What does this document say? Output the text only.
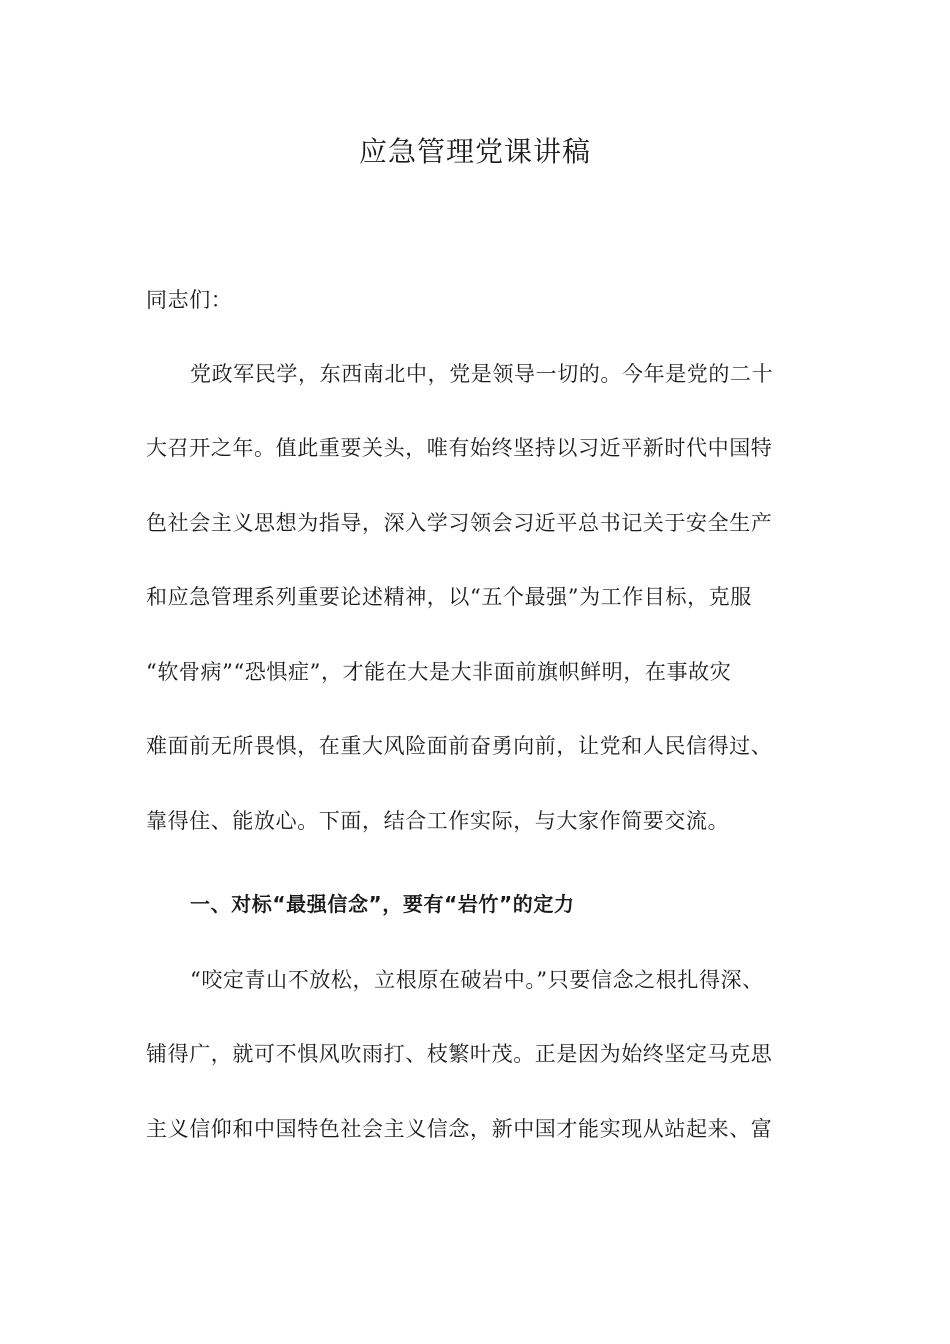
应急管理党课讲稿
同志们：
党政军民学，东西南北中，党是领导一切的。今年是党的二十
大召开之年。值此重要关头，唯有始终坚持以习近平新时代中国特
色社会主义思想为指导，深入学习领会习近平总书记关于安全生产
和应急管理系列重要论述精神，以“五个最强”为工作目标，克服
“软骨病”“恐惧症”，才能在大是大非面前旗帜鲜明，在事故灾
难面前无所畏惧，在重大风险面前奋勇向前，让党和人民信得过、
靠得住、能放心。下面，结合工作实际，与大家作简要交流。
一、对标“最强信念”，要有“岩竹”的定力
“咬定青山不放松，立根原在破岩中。”只要信念之根扎得深、
铺得广，就可不惧风吹雨打、枝繁叶茂。正是因为始终坚定马克思
主义信仰和中国特色社会主义信念，新中国才能实现从站起来、富
